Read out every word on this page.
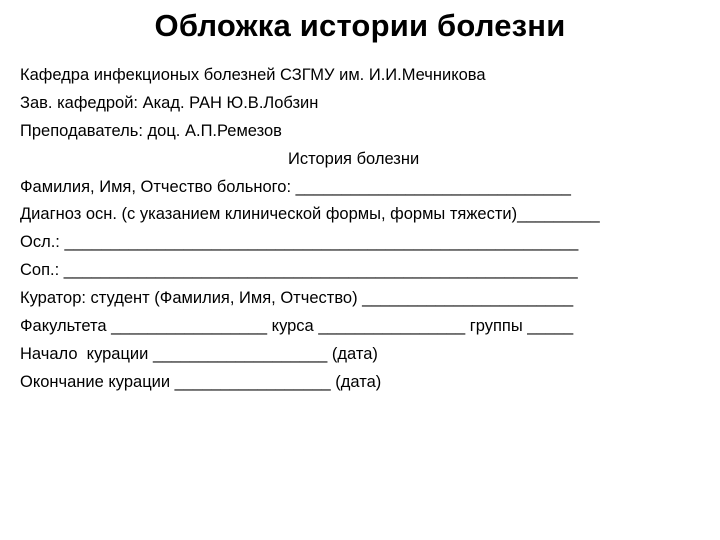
Обложка истории болезни
Кафедра инфекционых болезней СЗГМУ им. И.И.Мечникова
Зав. кафедрой: Акад. РАН Ю.В.Лобзин
Преподаватель: доц. А.П.Ремезов
История болезни
Фамилия, Имя, Отчество больного: ______________________________
Диагноз осн. (с указанием клинической формы, формы тяжести)_________
Осл.: ________________________________________________________
Соп.: ________________________________________________________
Куратор: студент (Фамилия, Имя, Отчество) _______________________
Факультета _________________ курса ________________ группы _____
Начало  курации ___________________ (дата)
Окончание курации _________________ (дата)
